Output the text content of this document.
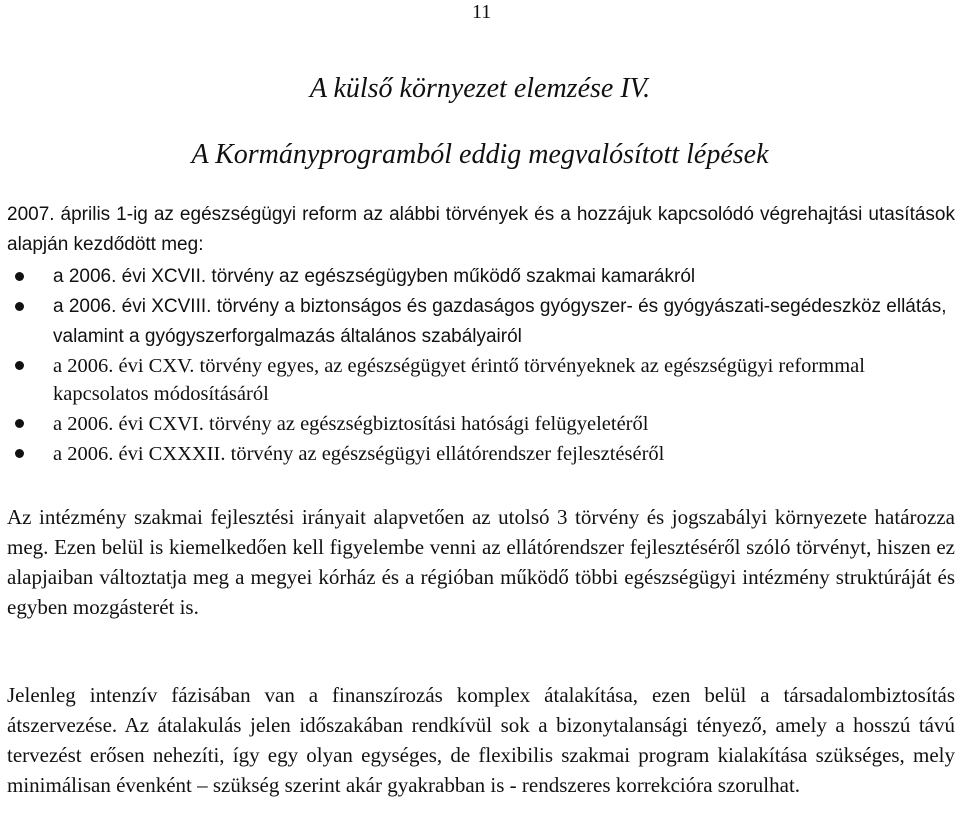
11
A külső környezet elemzése IV.
A Kormányprogramból eddig megvalósított lépések
2007. április 1-ig az egészségügyi reform az alábbi törvények és a hozzájuk kapcsolódó végrehajtási utasítások alapján kezdődött meg:
a 2006. évi XCVII. törvény az egészségügyben működő szakmai kamarákról
a 2006. évi XCVIII. törvény a biztonságos és gazdaságos gyógyszer- és gyógyászati-segédeszköz ellátás, valamint a gyógyszerforgalmazás általános szabályairól
a 2006. évi CXV. törvény egyes, az egészségügyet érintő törvényeknek az egészségügyi reformmal kapcsolatos módosításáról
a 2006. évi CXVI. törvény az egészségbiztosítási hatósági felügyeletéről
a 2006. évi CXXXII. törvény az egészségügyi ellátórendszer fejlesztéséről

Az intézmény szakmai fejlesztési irányait alapvetően az utolsó 3 törvény és jogszabályi környezete határozza meg. Ezen belül is kiemelkedően kell figyelembe venni az ellátórendszer fejlesztéséről szóló törvényt, hiszen ez alapjaiban változtatja meg a megyei kórház és a régióban működő többi egészségügyi intézmény struktúráját és egyben mozgásterét is.

Jelenleg intenzív fázisában van a finanszírozás komplex átalakítása, ezen belül a társadalombiztosítás átszervezése. Az átalakulás jelen időszakában rendkívül sok a bizonytalansági tényező, amely a hosszú távú tervezést erősen nehezíti, így egy olyan egységes, de flexibilis szakmai program kialakítása szükséges, mely minimálisan évenként – szükség szerint akár gyakrabban is - rendszeres korrekcióra szorulhat.
